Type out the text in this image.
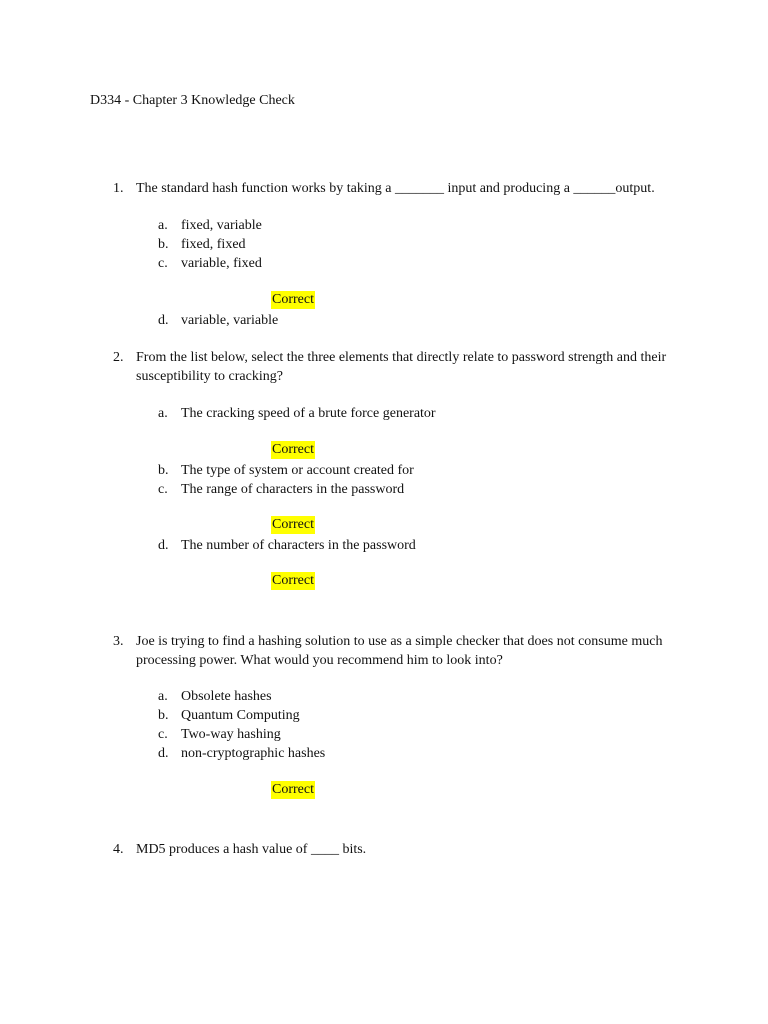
D334 - Chapter 3 Knowledge Check
1. The standard hash function works by taking a _______ input and producing a ______output.
a. fixed, variable
b. fixed, fixed
c. variable, fixed
Correct
d. variable, variable
2. From the list below, select the three elements that directly relate to password strength and their
susceptibility to cracking?
a. The cracking speed of a brute force generator
Correct
b. The type of system or account created for
c. The range of characters in the password
Correct
d. The number of characters in the password
Correct
3. Joe is trying to find a hashing solution to use as a simple checker that does not consume much
processing power. What would you recommend him to look into?
a. Obsolete hashes
b. Quantum Computing
c. Two-way hashing
d. non-cryptographic hashes
Correct
4. MD5 produces a hash value of ____ bits.
